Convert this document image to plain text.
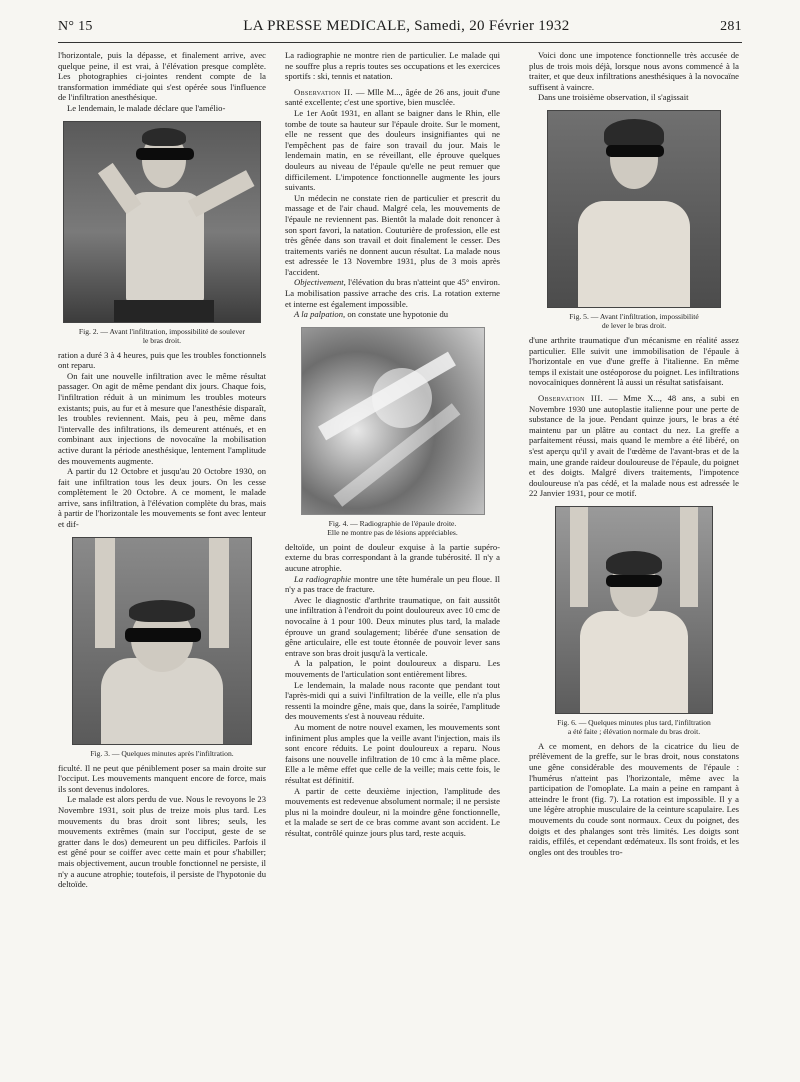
N° 15	LA PRESSE MEDICALE, Samedi, 20 Février 1932	281

l'horizontale, puis la dépasse, et finalement arrive, avec quelque peine, il est vrai, à l'élévation presque complète. Les photographies ci-jointes rendent compte de la transformation immédiate qui s'est opérée sous l'influence de l'infiltration anesthésique.

Le lendemain, le malade déclare que l'amélio-

Fig. 2. — Avant l'infiltration, impossibilité de soulever
le bras droit.

ration a duré 3 à 4 heures, puis que les troubles fonctionnels ont reparu.

On fait une nouvelle infiltration avec le même résultat passager. On agit de même pendant dix jours. Chaque fois, l'infiltration réduit à un minimum les troubles moteurs existants; puis, au fur et à mesure que l'anesthésie disparaît, les troubles reviennent. Mais, peu à peu, même dans l'intervalle des infiltrations, ils demeurent atténués, et en combinant aux injections de novocaïne la mobilisation active durant la période anesthésique, lentement l'amplitude des mouvements augmente.

A partir du 12 Octobre et jusqu'au 20 Octobre 1930, on fait une infiltration tous les deux jours. On les cesse complètement le 20 Octobre. A ce moment, le malade arrive, sans infiltration, à l'élévation complète du bras, mais à partir de l'horizontale les mouvements se font avec lenteur et dif-

Fig. 3. — Quelques minutes après l'infiltration.

ficulté. Il ne peut que péniblement poser sa main droite sur l'occiput. Les mouvements manquent encore de force, mais ils sont devenus indolores.

Le malade est alors perdu de vue. Nous le revoyons le 23 Novembre 1931, soit plus de treize mois plus tard. Les mouvements du bras droit sont libres; seuls, les mouvements extrêmes (main sur l'occiput, geste de se gratter dans le dos) demeurent un peu difficiles. Parfois il est gêné pour se coiffer avec cette main et pour s'habiller; mais objectivement, aucun trouble fonctionnel ne persiste, il n'y a aucune atrophie; toutefois, il persiste de l'hypotonie du deltoïde.

La radiographie ne montre rien de particulier. Le malade qui ne souffre plus a repris toutes ses occupations et les exercices sportifs : ski, tennis et natation.

Observation II. — Mlle M..., âgée de 26 ans, jouit d'une santé excellente; c'est une sportive, bien musclée.

Le 1er Août 1931, en allant se baigner dans le Rhin, elle tombe de toute sa hauteur sur l'épaule droite. Sur le moment, elle ne ressent que des douleurs insignifiantes qui ne l'empêchent pas de faire son travail du jour. Mais le lendemain matin, en se réveillant, elle éprouve quelques douleurs au niveau de l'épaule qu'elle ne peut remuer que difficilement. L'impotence fonctionnelle augmente les jours suivants.

Un médecin ne constate rien de particulier et prescrit du massage et de l'air chaud. Malgré cela, les mouvements de l'épaule ne reviennent pas. Bientôt la malade doit renoncer à son sport favori, la natation. Couturière de profession, elle est très gênée dans son travail et doit finalement le cesser. Des traitements variés ne donnent aucun résultat. La malade nous est adressée le 13 Novembre 1931, plus de 3 mois après l'accident.

Objectivement, l'élévation du bras n'atteint que 45° environ. La mobilisation passive arrache des cris. La rotation externe et interne est également impossible.

A la palpation, on constate une hypotonie du

Fig. 4. — Radiographie de l'épaule droite.
Elle ne montre pas de lésions appréciables.

deltoïde, un point de douleur exquise à la partie supéro-externe du bras correspondant à la grande tubérosité. Il n'y a aucune atrophie.

La radiographie montre une tête humérale un peu floue. Il n'y a pas trace de fracture.

Avec le diagnostic d'arthrite traumatique, on fait aussitôt une infiltration à l'endroit du point douloureux avec 10 cmc de novocaïne à 1 pour 100. Deux minutes plus tard, la malade éprouve un grand soulagement; libérée d'une sensation de gêne articulaire, elle est toute étonnée de pouvoir lever sans entrave son bras droit jusqu'à la verticale.

A la palpation, le point douloureux a disparu. Les mouvements de l'articulation sont entièrement libres.

Le lendemain, la malade nous raconte que pendant tout l'après-midi qui a suivi l'infiltration de la veille, elle n'a plus ressenti la moindre gêne, mais que, dans la soirée, l'amplitude des mouvements s'est à nouveau réduite.

Au moment de notre nouvel examen, les mouvements sont infiniment plus amples que la veille avant l'injection, mais ils sont encore réduits. Le point douloureux a reparu. Nous faisons une nouvelle infiltration de 10 cmc à la même place. Elle a le même effet que celle de la veille; mais cette fois, le résultat est définitif.

A partir de cette deuxième injection, l'amplitude des mouvements est redevenue absolument normale; il ne persiste plus ni la moindre douleur, ni la moindre gêne fonctionnelle, et la malade se sert de ce bras comme avant son accident. Le résultat, contrôlé quinze jours plus tard, reste acquis.

Voici donc une impotence fonctionnelle très accusée de plus de trois mois déjà, lorsque nous avons commencé à la traiter, et que deux infiltrations anesthésiques à la novocaïne suffisent à vaincre.

Dans une troisième observation, il s'agissait

Fig. 5. — Avant l'infiltration, impossibilité
de lever le bras droit.

d'une arthrite traumatique d'un mécanisme en réalité assez particulier. Elle suivit une immobilisation de l'épaule à l'horizontale en vue d'une greffe à l'italienne. En même temps il existait une ostéoporose du poignet. Les infiltrations novocaïniques donnèrent là aussi un résultat satisfaisant.

Observation III. — Mme X..., 48 ans, a subi en Novembre 1930 une autoplastie italienne pour une perte de substance de la joue. Pendant quinze jours, le bras a été maintenu par un plâtre au contact du nez. La greffe a parfaitement réussi, mais quand le membre a été libéré, on s'est aperçu qu'il y avait de l'œdème de l'avant-bras et de la main, une grande raideur douloureuse de l'épaule, du poignet et des doigts. Malgré divers traitements, l'impotence douloureuse n'a pas cédé, et la malade nous est adressée le 22 Janvier 1931, pour ce motif.

Fig. 6. — Quelques minutes plus tard, l'infiltration
a été faite ; élévation normale du bras droit.

A ce moment, en dehors de la cicatrice du lieu de prélèvement de la greffe, sur le bras droit, nous constatons une gêne considérable des mouvements de l'épaule : l'humérus n'atteint pas l'horizontale, même avec la participation de l'omoplate. La main a peine en rampant à atteindre le front (fig. 7). La rotation est impossible. Il y a une légère atrophie musculaire de la ceinture scapulaire. Les mouvements du coude sont normaux. Ceux du poignet, des doigts et des phalanges sont très limités. Les doigts sont raidis, effilés, et cependant œdémateux. Ils sont froids, et les ongles ont des troubles tro-
